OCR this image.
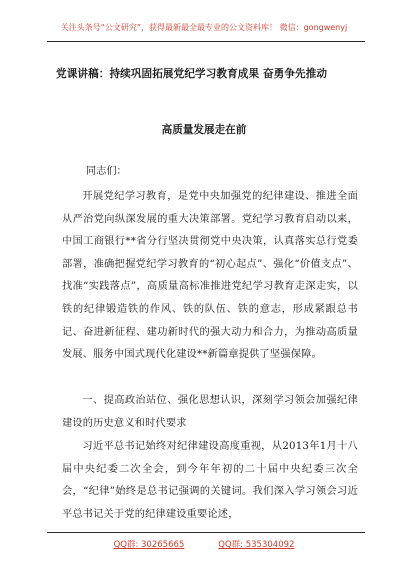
关注头条号“公文研究”，获得最新最全最专业的公文资料库！ 微信：gongwenyj
党课讲稿：持续巩固拓展党纪学习教育成果 奋勇争先推动
高质量发展走在前
同志们：

开展党纪学习教育，是党中央加强党的纪律建设、推进全面从严治党向纵深发展的重大决策部署。党纪学习教育启动以来，中国工商银行**省分行坚决贯彻党中央决策，认真落实总行党委部署，准确把握党纪学习教育的“初心起点”、强化“价值支点”、找准“实践落点”，高质量高标准推进党纪学习教育走深走实，以铁的纪律锻造铁的作风、铁的队伍、铁的意志，形成紧跟总书记、奋进新征程、建功新时代的强大动力和合力，为推动高质量发展、服务中国式现代化建设**新篇章提供了坚强保障。

一、提高政治站位、强化思想认识，深刻学习领会加强纪律建设的历史意义和时代要求

习近平总书记始终对纪律建设高度重视，从2013年1月十八届中央纪委二次全会，到今年年初的二十届中央纪委三次全会，“纪律”始终是总书记强调的关键词。我们深入学习领会习近平总书记关于党的纪律建设重要论述，

QQ群: 30265665	QQ群: 535304092
